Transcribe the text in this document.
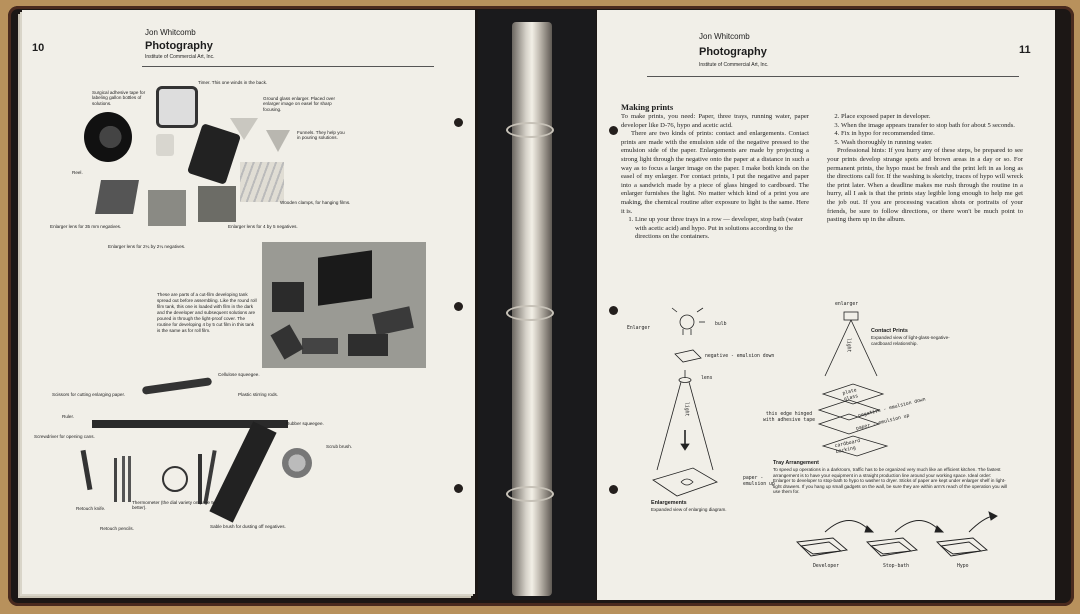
10
Jon Whitcomb
Photography
Institute of Commercial Art, Inc.
Surgical adhesive tape for labeling gallon bottles of solutions.
Timer. This one winds in the back.
Ground glass enlarger. Placed over enlarger image on easel for sharp focusing.
Funnels. They help you in pouring solutions.
Reel.
Wooden clamps, for hanging films.
Enlarger lens for 35 mm negatives.	Enlarger lens for 4 by 5 negatives.
Enlarger lens for 2¼ by 2¼ negatives.
These are parts of a cut-film developing tank spread out before assembling. Like the round roll film tank, this one is loaded with film in the dark and the developer and subsequent solutions are poured in through the light-proof cover. The routine for developing 4 by 5 cut film in this tank is the same as for roll film.
Cellulose squeegee.
Scissors for cutting enlarging paper.	Plastic stirring rods.
Ruler.
Rubber squeegee.
Screwdriver for opening cans.
Scrub brush.
Thermometer (the dial variety on page 9 is better).
Retouch knife.
Retouch pencils.	Sable brush for dusting off negatives.
Jon Whitcomb
Photography
Institute of Commercial Art, Inc.
11
Making prints

To make prints, you need: Paper, three trays, running water, paper developer like D-76, hypo and acetic acid.

There are two kinds of prints: contact and enlargements. Contact prints are made with the emulsion side of the negative pressed to the emulsion side of the paper. Enlargements are made by projecting a strong light through the negative onto the paper at a distance in such a way as to focus a larger image on the paper. I make both kinds on the easel of my enlarger. For contact prints, I put the negative and paper into a sandwich made by a piece of glass hinged to cardboard. The enlarger furnishes the light. No matter which kind of a print you are making, the chemical routine after exposure to light is the same. Here it is.

1. Line up your three trays in a row — developer, stop bath (water with acetic acid) and hypo. Put in solutions according to the directions on the containers.
2. Place exposed paper in developer.
3. When the image appears transfer to stop bath for about 5 seconds.
4. Fix in hypo for recommended time.
5. Wash thoroughly in running water.

Professional hints: If you hurry any of these steps, be prepared to see your prints develop strange spots and brown areas in a day or so. For permanent prints, the hypo must be fresh and the print left in as long as the directions call for. If the washing is sketchy, traces of hypo will wreck the print later. When a deadline makes me rush through the routine in a hurry, all I ask is that the prints stay legible long enough to help me get the job out. If you are processing vacation shots or portraits of your friends, be sure to follow directions, or there won't be much point to pasting them up in the album.

Enlarger
bulb
negative - emulsion down
lens
light
paper - emulsion up
enlarger
light
plate glass negative - emulsion down
paper - emulsion up
this edge hinged with adhesive tape
cardboard backing
Contact Prints
Expanded view of light-glass-negative-cardboard relationship.
Enlargements
Expanded view of enlarging diagram.
Tray Arrangement
To speed up operations in a darkroom, traffic has to be organized very much like an efficient kitchen. The fastest arrangement is to have your equipment in a straight production line around your working space. Ideal order: Enlarger to developer to stop-bath to hypo to washer to dryer. Sticks of paper are kept under enlarger shelf in light-tight drawers. If you hang up small gadgets on the wall, be sure they are within arm's reach of the operation you will use them for.
Developer	Stop-bath	Hypo
